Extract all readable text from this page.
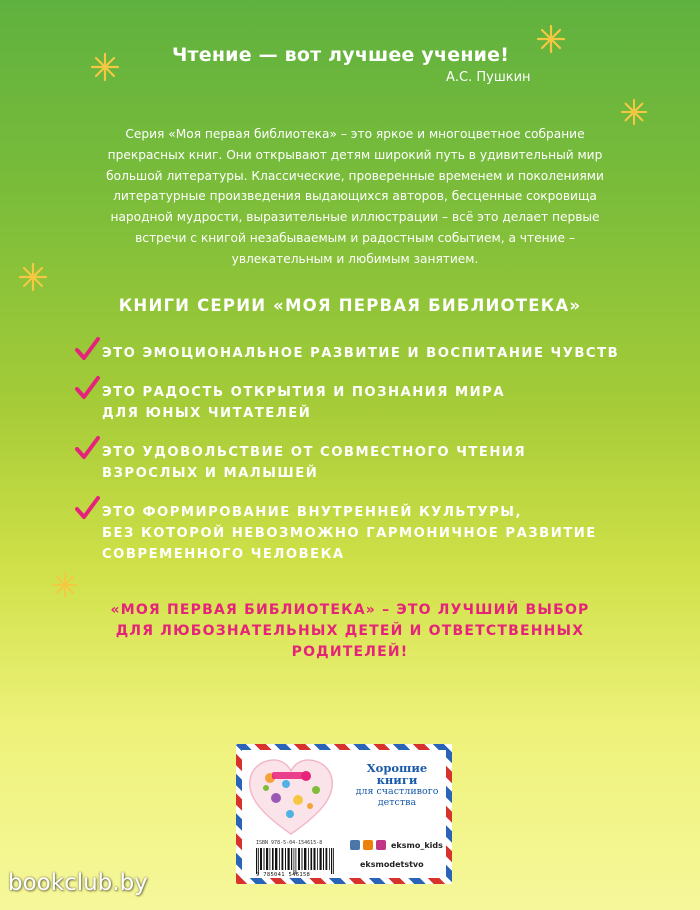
Чтение — вот лучшее учение!
А.С. Пушкин

Серия «Моя первая библиотека» – это яркое и многоцветное собрание

прекрасных книг. Они открывают детям широкий путь в удивительный мир

большой литературы. Классические, проверенные временем и поколениями

литературные произведения выдающихся авторов, бесценные сокровища

народной мудрости, выразительные иллюстрации – всё это делает первые

встречи с книгой незабываемым и радостным событием, а чтение –

увлекательным и любимым занятием.

КНИГИ СЕРИИ «МОЯ ПЕРВАЯ БИБЛИОТЕКА»
ЭТО ЭМОЦИОНАЛЬНОЕ РАЗВИТИЕ И ВОСПИТАНИЕ ЧУВСТВ
ЭТО РАДОСТЬ ОТКРЫТИЯ И ПОЗНАНИЯ МИРА
ДЛЯ ЮНЫХ ЧИТАТЕЛЕЙ
ЭТО УДОВОЛЬСТВИЕ ОТ СОВМЕСТНОГО ЧТЕНИЯ
ВЗРОСЛЫХ И МАЛЫШЕЙ
ЭТО ФОРМИРОВАНИЕ ВНУТРЕННЕЙ КУЛЬТУРЫ,
БЕЗ КОТОРОЙ НЕВОЗМОЖНО ГАРМОНИЧНОЕ РАЗВИТИЕ
СОВРЕМЕННОГО ЧЕЛОВЕКА
«МОЯ ПЕРВАЯ БИБЛИОТЕКА» – ЭТО ЛУЧШИЙ ВЫБОР
ДЛЯ ЛЮБОЗНАТЕЛЬНЫХ ДЕТЕЙ И ОТВЕТСТВЕННЫХ
РОДИТЕЛЕЙ!
Хорошие
книги
для счастливого
детства
ISBN 978-5-04-154615-8
9 785041 546158
eksmo_kids
eksmodetstvo
bookclub.by
